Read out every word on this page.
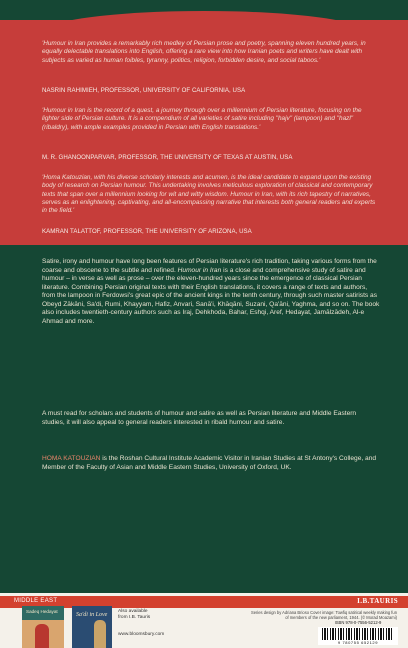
'Humour in Iran provides a remarkably rich medley of Persian prose and poetry, spanning eleven hundred years, in equally delectable translations into English, offering a rare view into how Iranian poets and writers have dealt with subjects as varied as human foibles, tyranny, politics, religion, forbidden desire, and social taboos.'
NASRIN RAHIMIEH, PROFESSOR, UNIVERSITY OF CALIFORNIA, USA
'Humour in Iran is the record of a quest, a journey through over a millennium of Persian literature, focusing on the lighter side of Persian culture. It is a compendium of all varieties of satire including "hajv" (lampoon) and "hazl" (ribaldry), with ample examples provided in Persian with English translations.'
M. R. GHANOONPARVAR, PROFESSOR, THE UNIVERSITY OF TEXAS AT AUSTIN, USA
'Homa Katouzian, with his diverse scholarly interests and acumen, is the ideal candidate to expand upon the existing body of research on Persian humour. This undertaking involves meticulous exploration of classical and contemporary texts that span over a millennium looking for wit and witty wisdom. Humour in Iran, with its rich tapestry of narratives, serves as an enlightening, captivating, and all-encompassing narrative that interests both general readers and experts in the field.'
KAMRAN TALATTOF, PROFESSOR, THE UNIVERSITY OF ARIZONA, USA
Satire, irony and humour have long been features of Persian literature's rich tradition, taking various forms from the coarse and obscene to the subtle and refined. Humour in Iran is a close and comprehensive study of satire and humour – in verse as well as prose – over the eleven-hundred years since the emergence of classical Persian literature. Combining Persian original texts with their English translations, it covers a range of texts and authors, from the lampoon in Ferdowsi's great epic of the ancient kings in the tenth century, through such master satirists as Obeyd Zākāni, Sa'di, Rumi, Khayyam, Hafiz, Anvari, Sanā'i, Khāqāni, Suzani, Qa'āni, Yaghma, and so on. The book also includes twentieth-century authors such as Iraj, Dehkhoda, Bahar, Eshqi, Aref, Hedayat, Jamālzādeh, Al-e Ahmad and more.
A must read for scholars and students of humour and satire as well as Persian literature and Middle Eastern studies, it will also appeal to general readers interested in ribald humour and satire.
HOMA KATOUZIAN is the Roshan Cultural Institute Academic Visitor in Iranian Studies at St Antony's College, and Member of the Faculty of Asian and Middle Eastern Studies, University of Oxford, UK.
MIDDLE EAST	I.B.TAURIS
Sadeq Hedayat
Sa'di in Love
Also available from I.B. Tauris
www.bloomsbury.com
Series design by Adriana Brioso Cover image: Towfiq satirical weekly making fun of members of the new parliament, 1944. (© Morad Moazami)
ISBN 978-0-7556-5212-9
9 780755 652129
